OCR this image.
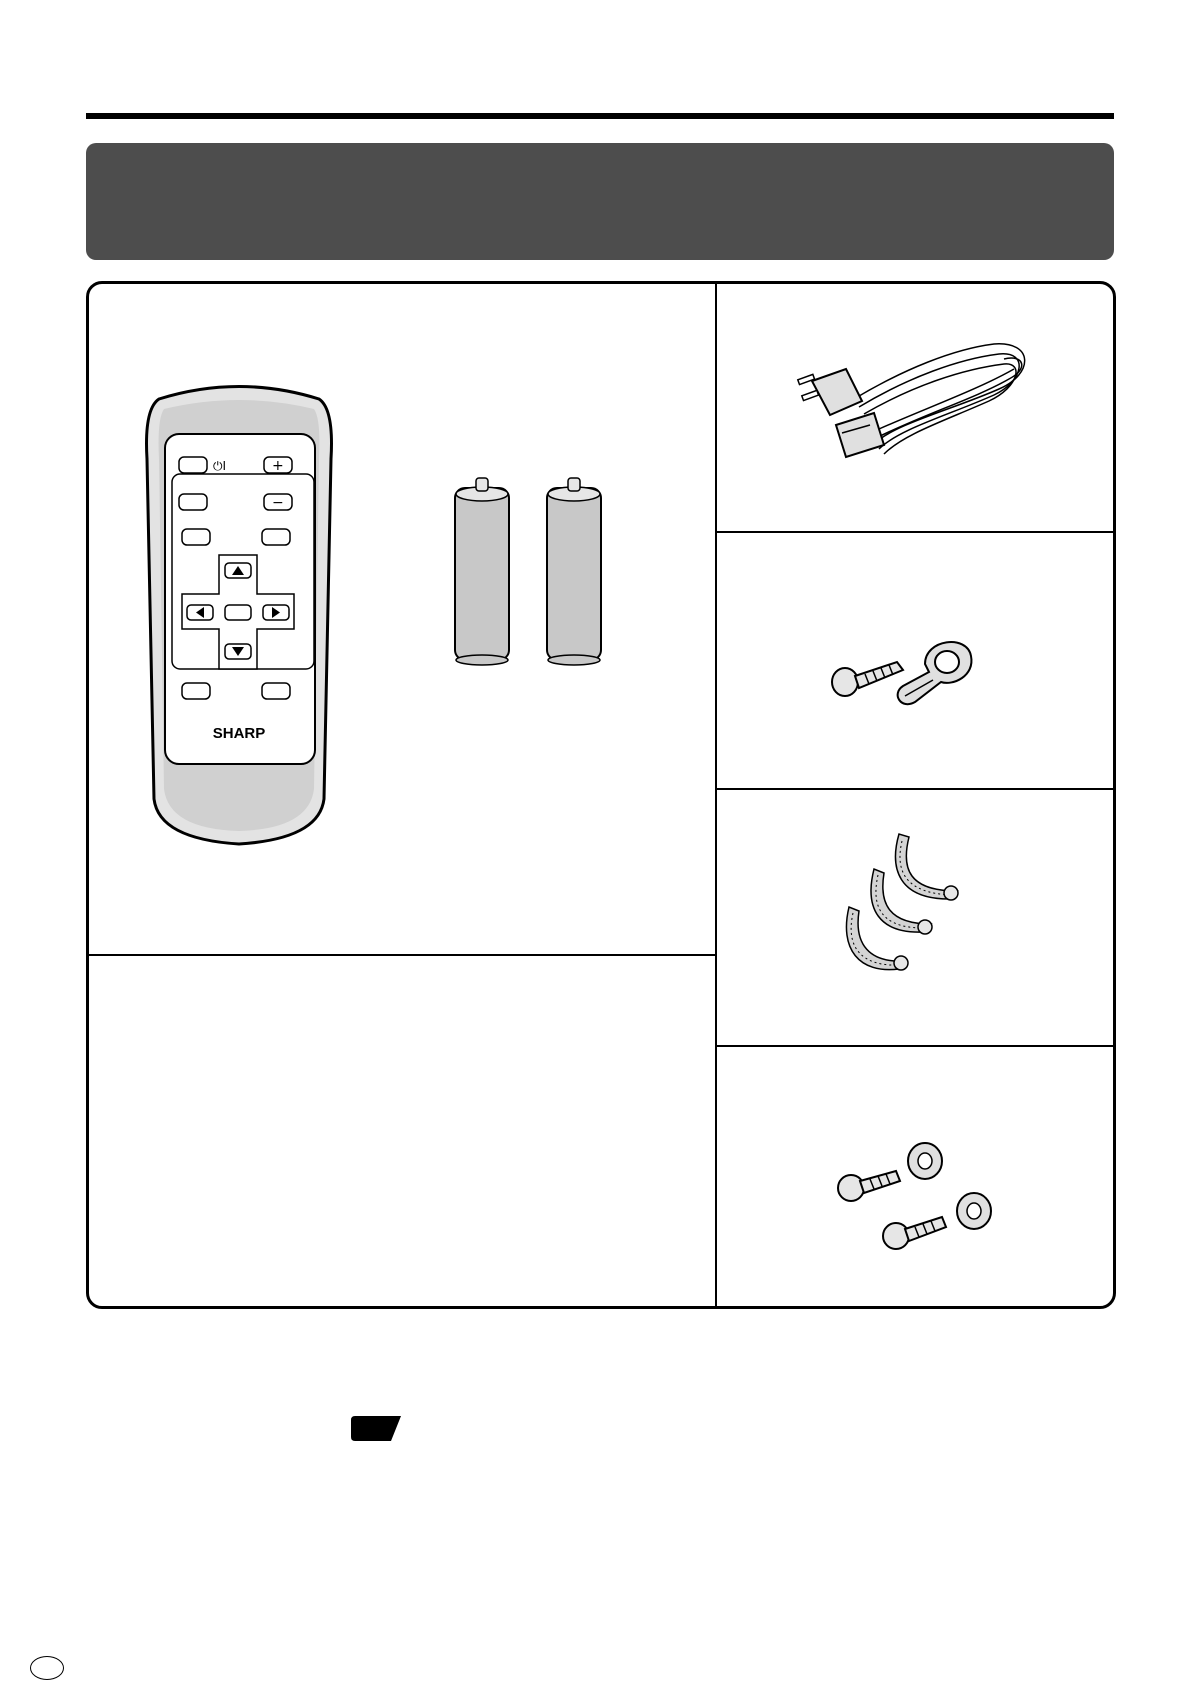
⏻I	+
−
SHARP
